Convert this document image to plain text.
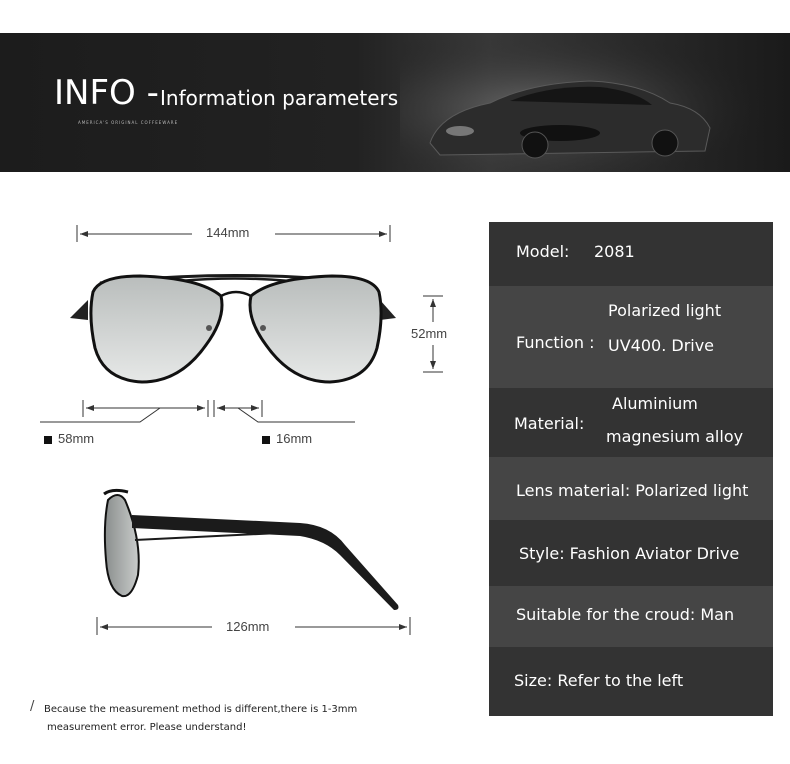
INFO - Information parameters
AMERICA'S ORIGINAL COFFEEWARE
144mm
52mm
58mm	16mm
126mm
Model: 2081
Function :
Polarized light
UV400. Drive
Material:
Aluminium
magnesium alloy
Lens material: Polarized light
Style: Fashion Aviator Drive
Suitable for the croud: Man
Size: Refer to the left
/ Because the measurement method is different,there is 1-3mm
measurement error. Please understand!
